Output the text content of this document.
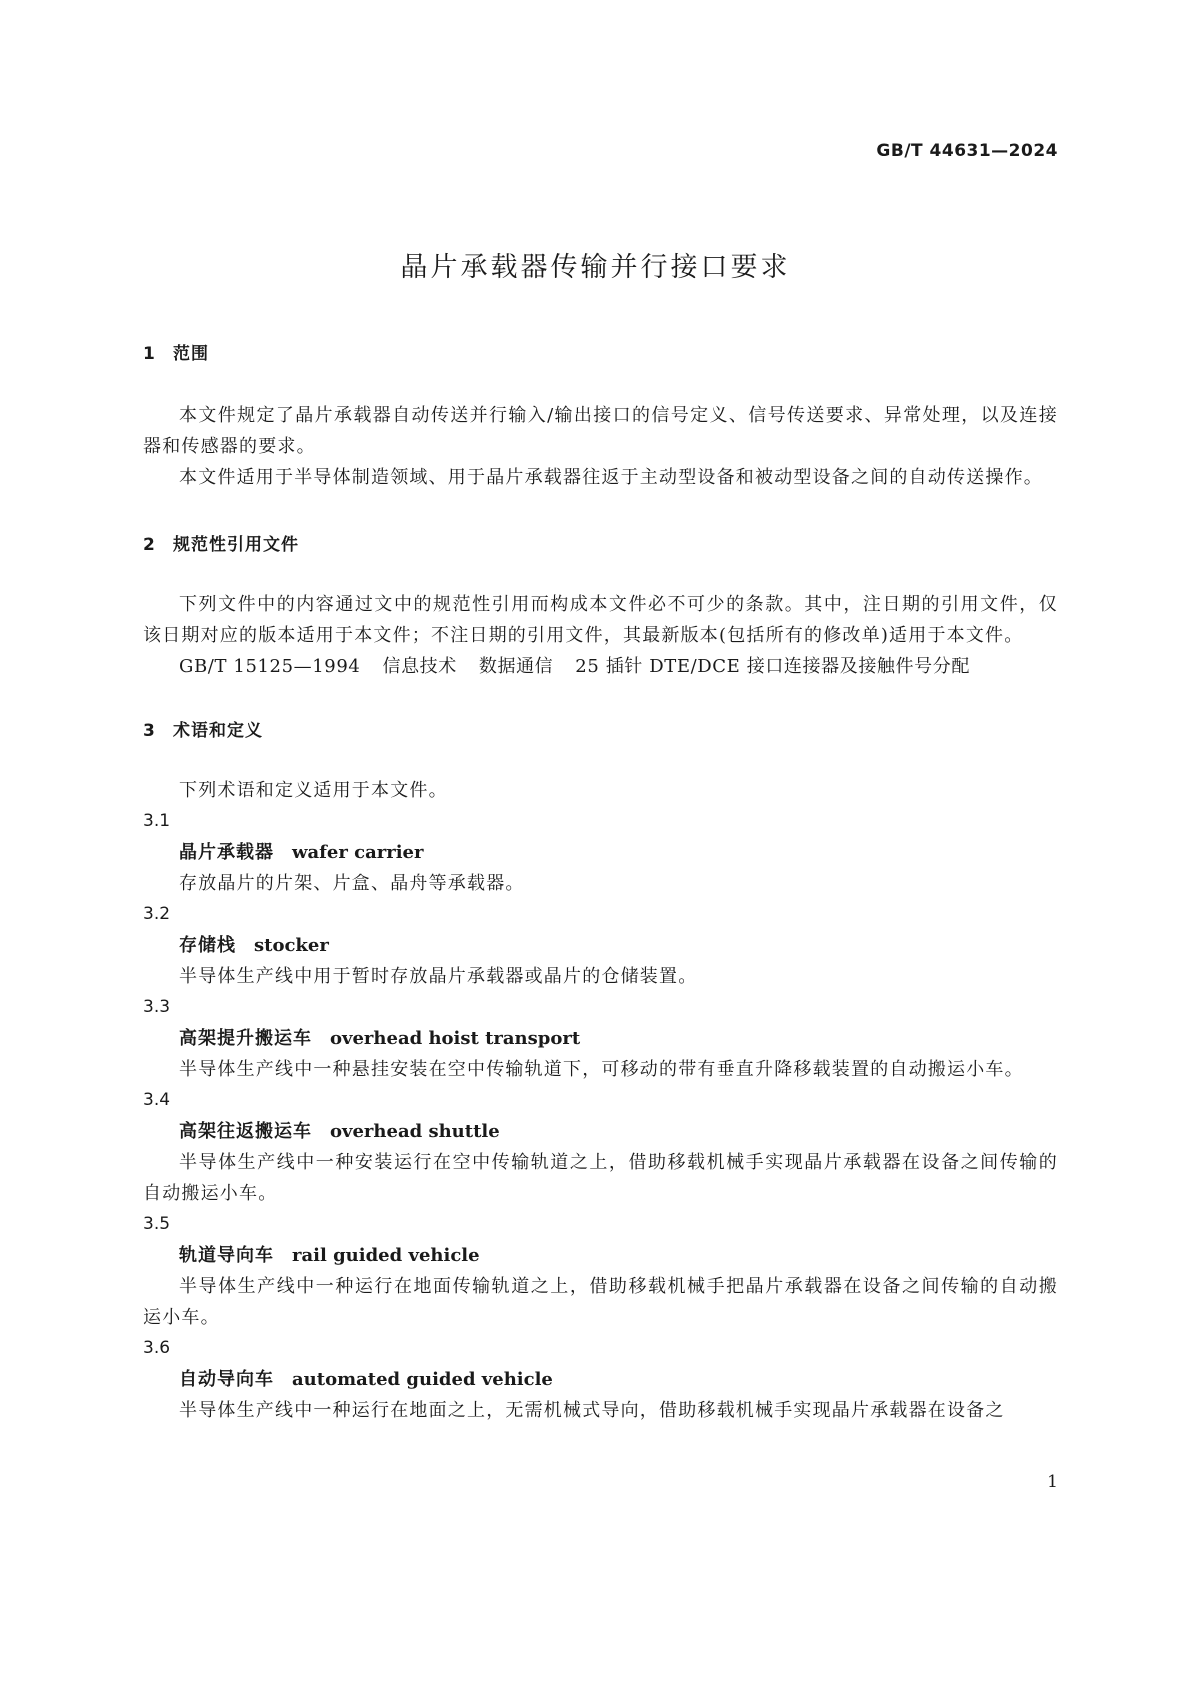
GB/T 44631—2024
晶片承载器传输并行接口要求
1 范围

本文件规定了晶片承载器自动传送并行输入/输出接口的信号定义、信号传送要求、异常处理，以及连接器和传感器的要求。

本文件适用于半导体制造领域、用于晶片承载器往返于主动型设备和被动型设备之间的自动传送操作。

2 规范性引用文件

下列文件中的内容通过文中的规范性引用而构成本文件必不可少的条款。其中，注日期的引用文件，仅该日期对应的版本适用于本文件；不注日期的引用文件，其最新版本(包括所有的修改单)适用于本文件。

GB/T 15125—1994 信息技术 数据通信 25 插针 DTE/DCE 接口连接器及接触件号分配
3 术语和定义

下列术语和定义适用于本文件。

3.1
晶片承载器 wafer carrier

存放晶片的片架、片盒、晶舟等承载器。

3.2
存储栈 stocker

半导体生产线中用于暂时存放晶片承载器或晶片的仓储装置。

3.3
高架提升搬运车 overhead hoist transport

半导体生产线中一种悬挂安装在空中传输轨道下，可移动的带有垂直升降移载装置的自动搬运小车。

3.4
高架往返搬运车 overhead shuttle

半导体生产线中一种安装运行在空中传输轨道之上，借助移载机械手实现晶片承载器在设备之间传输的自动搬运小车。

3.5
轨道导向车 rail guided vehicle

半导体生产线中一种运行在地面传输轨道之上，借助移载机械手把晶片承载器在设备之间传输的自动搬运小车。

3.6
自动导向车 automated guided vehicle

半导体生产线中一种运行在地面之上，无需机械式导向，借助移载机械手实现晶片承载器在设备之

1
